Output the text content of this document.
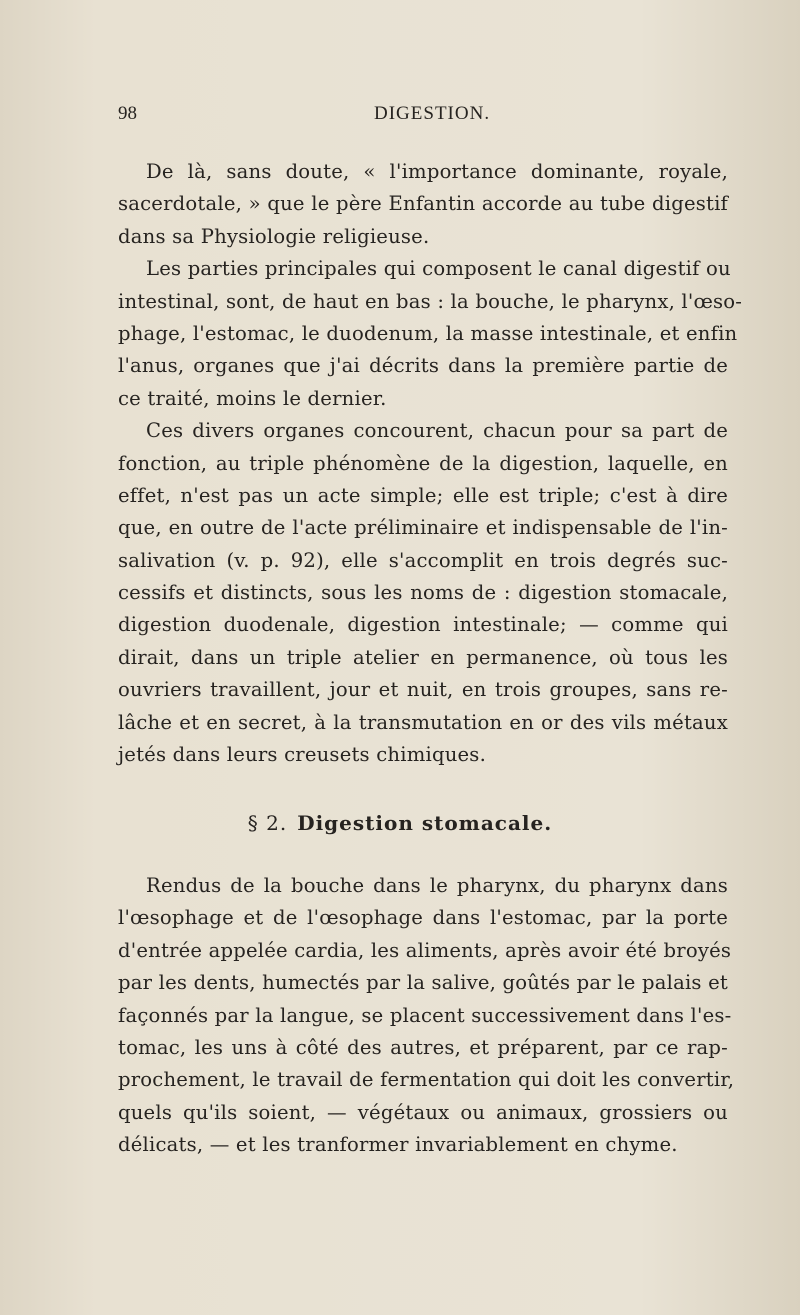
98	DIGESTION.
De là, sans doute, « l'importance dominante, royale,
sacerdotale, » que le père Enfantin accorde au tube digestif
dans sa Physiologie religieuse.
Les parties principales qui composent le canal digestif ou
intestinal, sont, de haut en bas : la bouche, le pharynx, l'œso-
phage, l'estomac, le duodenum, la masse intestinale, et enfin
l'anus, organes que j'ai décrits dans la première partie de
ce traité, moins le dernier.
Ces divers organes concourent, chacun pour sa part de
fonction, au triple phénomène de la digestion, laquelle, en
effet, n'est pas un acte simple; elle est triple; c'est à dire
que, en outre de l'acte préliminaire et indispensable de l'in-
salivation (v. p. 92), elle s'accomplit en trois degrés suc-
cessifs et distincts, sous les noms de : digestion stomacale,
digestion duodenale, digestion intestinale; — comme qui
dirait, dans un triple atelier en permanence, où tous les
ouvriers travaillent, jour et nuit, en trois groupes, sans re-
lâche et en secret, à la transmutation en or des vils métaux
jetés dans leurs creusets chimiques.
§ 2. Digestion stomacale.
Rendus de la bouche dans le pharynx, du pharynx dans
l'œsophage et de l'œsophage dans l'estomac, par la porte
d'entrée appelée cardia, les aliments, après avoir été broyés
par les dents, humectés par la salive, goûtés par le palais et
façonnés par la langue, se placent successivement dans l'es-
tomac, les uns à côté des autres, et préparent, par ce rap-
prochement, le travail de fermentation qui doit les convertir,
quels qu'ils soient, — végétaux ou animaux, grossiers ou
délicats, — et les tranformer invariablement en chyme.
